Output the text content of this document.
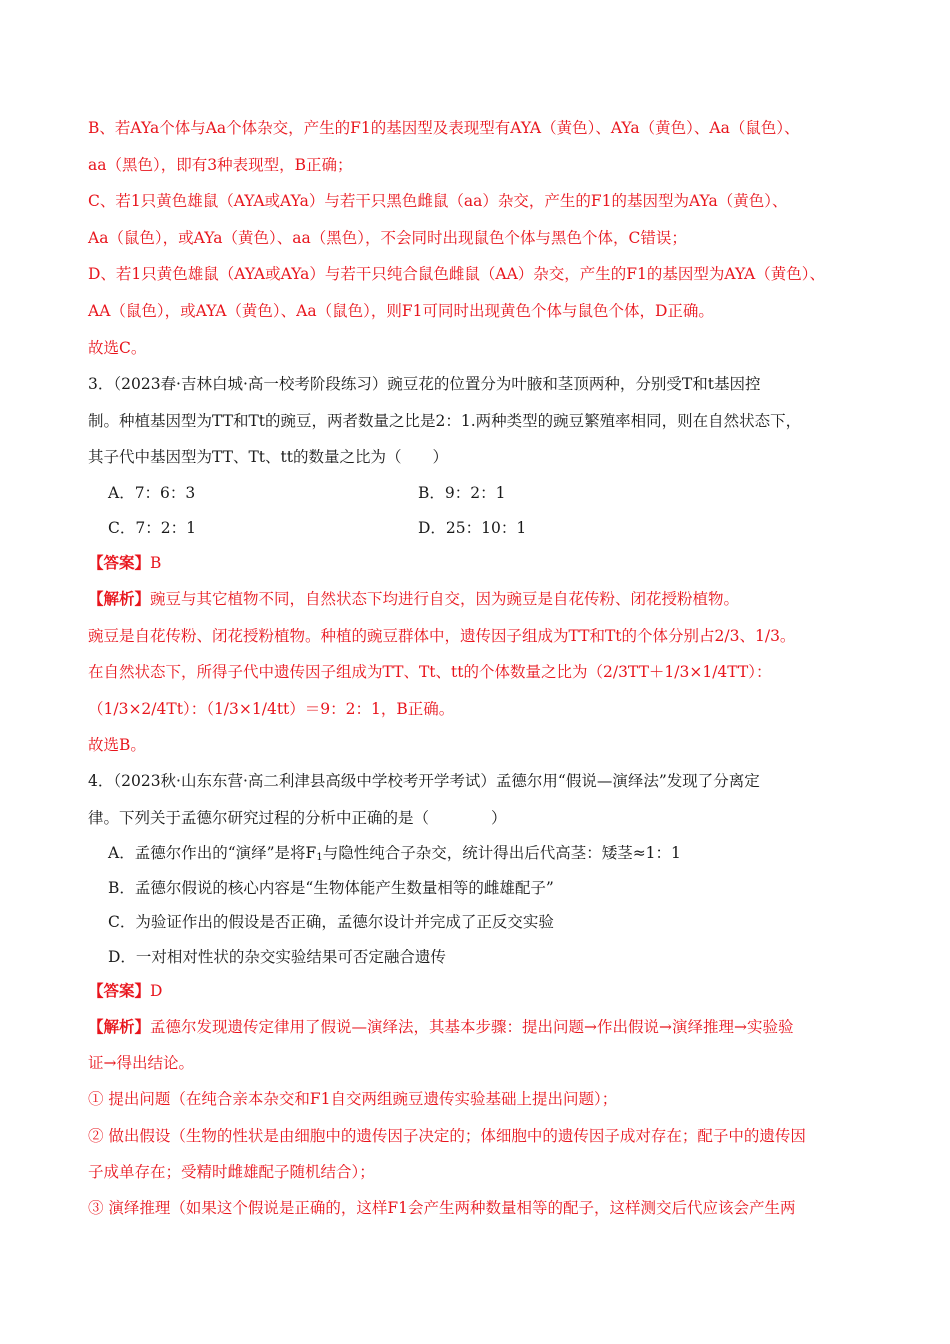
B、若AYa个体与Aa个体杂交，产生的F1的基因型及表现型有AYA（黄色）、AYa（黄色）、Aa（鼠色）、
aa（黑色），即有3种表现型，B正确；
C、若1只黄色雄鼠（AYA或AYa）与若干只黑色雌鼠（aa）杂交，产生的F1的基因型为AYa（黄色）、
Aa（鼠色），或AYa（黄色）、aa（黑色），不会同时出现鼠色个体与黑色个体，C错误；
D、若1只黄色雄鼠（AYA或AYa）与若干只纯合鼠色雌鼠（AA）杂交，产生的F1的基因型为AYA（黄色）、
AA（鼠色），或AYA（黄色）、Aa（鼠色），则F1可同时出现黄色个体与鼠色个体，D正确。
故选C。
3．（2023春·吉林白城·高一校考阶段练习）豌豆花的位置分为叶腋和茎顶两种，分别受T和t基因控
制。种植基因型为TT和Tt的豌豆，两者数量之比是2：1.两种类型的豌豆繁殖率相同，则在自然状态下，
其子代中基因型为TT、Tt、tt的数量之比为（　　）
A．7：6：3	B．9：2：1
C．7：2：1	D．25：10：1
【答案】B
【解析】豌豆与其它植物不同，自然状态下均进行自交，因为豌豆是自花传粉、闭花授粉植物。
豌豆是自花传粉、闭花授粉植物。种植的豌豆群体中，遗传因子组成为TT和Tt的个体分别占2/3、1/3。
在自然状态下，所得子代中遗传因子组成为TT、Tt、tt的个体数量之比为（2/3TT＋1/3×1/4TT）：
（1/3×2/4Tt）：（1/3×1/4tt）＝9：2：1，B正确。
故选B。
4．（2023秋·山东东营·高二利津县高级中学校考开学考试）孟德尔用“假说—演绎法”发现了分离定
律。下列关于孟德尔研究过程的分析中正确的是（　　　　）
A．孟德尔作出的“演绎”是将$F_1$与隐性纯合子杂交，统计得出后代高茎：矮茎≈1：1
B．孟德尔假说的核心内容是“生物体能产生数量相等的雌雄配子”
C．为验证作出的假设是否正确，孟德尔设计并完成了正反交实验
D．一对相对性状的杂交实验结果可否定融合遗传
【答案】D
【解析】孟德尔发现遗传定律用了假说—演绎法，其基本步骤：提出问题→作出假说→演绎推理→实验验
证→得出结论。
① 提出问题（在纯合亲本杂交和F1自交两组豌豆遗传实验基础上提出问题）；
② 做出假设（生物的性状是由细胞中的遗传因子决定的；体细胞中的遗传因子成对存在；配子中的遗传因
子成单存在；受精时雌雄配子随机结合）；
③ 演绎推理（如果这个假说是正确的，这样F1会产生两种数量相等的配子，这样测交后代应该会产生两
